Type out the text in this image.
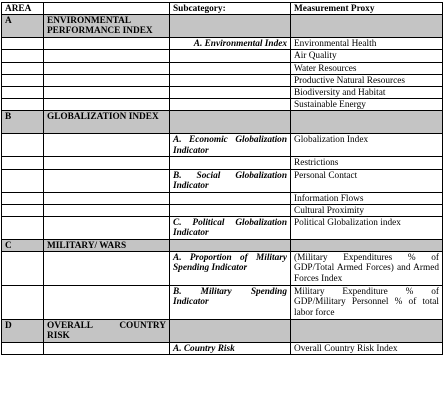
AREA		Subcategory:	Measurement Proxy
A	ENVIRONMENTAL PERFORMANCE INDEX		
		A. Environmental Index	Environmental Health
			Air Quality
			Water Resources
			Productive Natural Resources
			Biodiversity and Habitat
			Sustainable Energy
B	GLOBALIZATION INDEX		
		A. Economic Globalization Indicator	Globalization Index
			Restrictions
		B. Social Globalization Indicator	Personal Contact
			Information Flows
			Cultural Proximity
		C. Political Globalization Indicator	Political Globalization index
C	MILITARY/ WARS		
		A. Proportion of Military Spending Indicator	(Military Expenditures % of GDP/Total Armed Forces) and Armed Forces Index
		B. Military Spending Indicator	Military Expenditure % of GDP/Military Personnel % of total labor force
D	OVERALL COUNTRY RISK		
		A. Country Risk	Overall Country Risk Index
